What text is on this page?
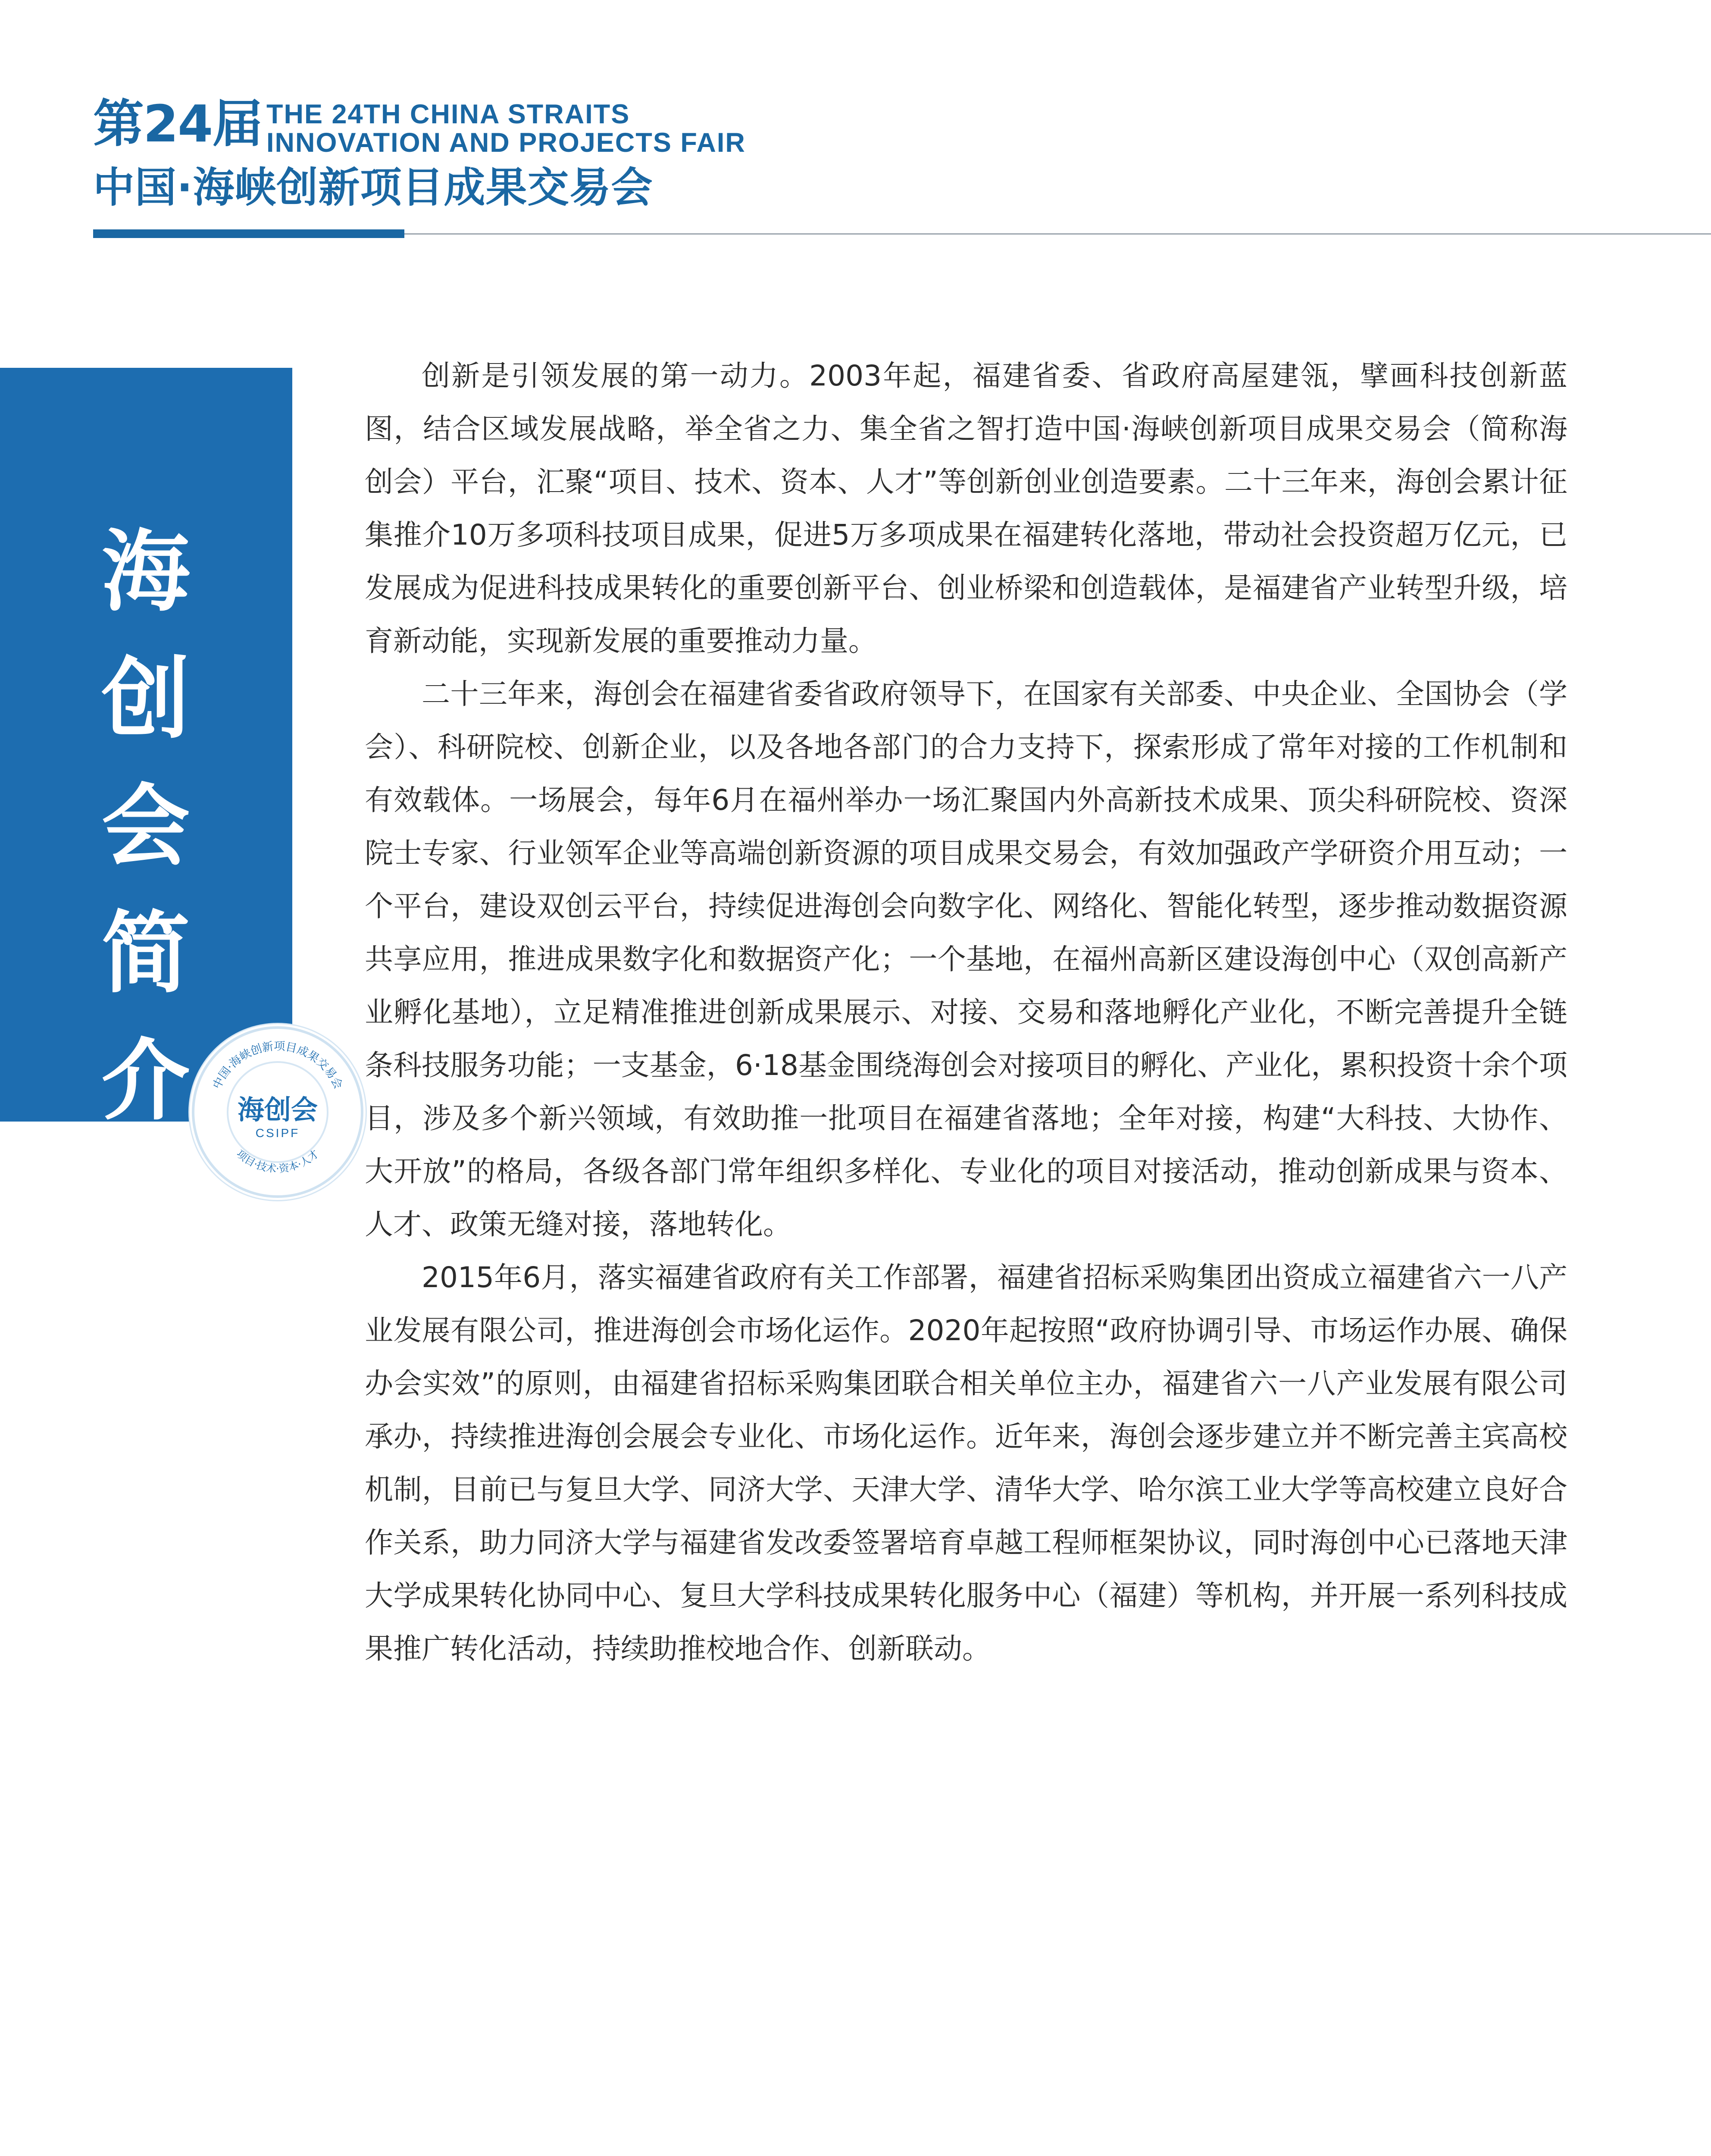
第24届 THE 24TH CHINA STRAITS
INNOVATION AND PROJECTS FAIR
中国·海峡创新项目成果交易会
海
创
会
简
介	中国·海峡创新项目成果交易会
项目·技术·资本·人才
海创会
CSIPF

创新是引领发展的第一动力。2003年起，福建省委、省政府高屋建瓴，擘画科技创新蓝图，结合区域发展战略，举全省之力、集全省之智打造中国·海峡创新项目成果交易会（简称海创会）平台，汇聚“项目、技术、资本、人才”等创新创业创造要素。二十三年来，海创会累计征集推介10万多项科技项目成果，促进5万多项成果在福建转化落地，带动社会投资超万亿元，已发展成为促进科技成果转化的重要创新平台、创业桥梁和创造载体，是福建省产业转型升级，培育新动能，实现新发展的重要推动力量。

二十三年来，海创会在福建省委省政府领导下，在国家有关部委、中央企业、全国协会（学会）、科研院校、创新企业，以及各地各部门的合力支持下，探索形成了常年对接的工作机制和有效载体。一场展会，每年6月在福州举办一场汇聚国内外高新技术成果、顶尖科研院校、资深院士专家、行业领军企业等高端创新资源的项目成果交易会，有效加强政产学研资介用互动；一个平台，建设双创云平台，持续促进海创会向数字化、网络化、智能化转型，逐步推动数据资源共享应用，推进成果数字化和数据资产化；一个基地，在福州高新区建设海创中心（双创高新产业孵化基地），立足精准推进创新成果展示、对接、交易和落地孵化产业化，不断完善提升全链条科技服务功能；一支基金，6·18基金围绕海创会对接项目的孵化、产业化，累积投资十余个项目，涉及多个新兴领域，有效助推一批项目在福建省落地；全年对接，构建“大科技、大协作、大开放”的格局，各级各部门常年组织多样化、专业化的项目对接活动，推动创新成果与资本、人才、政策无缝对接，落地转化。

2015年6月，落实福建省政府有关工作部署，福建省招标采购集团出资成立福建省六一八产业发展有限公司，推进海创会市场化运作。2020年起按照“政府协调引导、市场运作办展、确保办会实效”的原则，由福建省招标采购集团联合相关单位主办，福建省六一八产业发展有限公司承办，持续推进海创会展会专业化、市场化运作。近年来，海创会逐步建立并不断完善主宾高校机制，目前已与复旦大学、同济大学、天津大学、清华大学、哈尔滨工业大学等高校建立良好合作关系，助力同济大学与福建省发改委签署培育卓越工程师框架协议，同时海创中心已落地天津大学成果转化协同中心、复旦大学科技成果转化服务中心（福建）等机构，并开展一系列科技成果推广转化活动，持续助推校地合作、创新联动。
